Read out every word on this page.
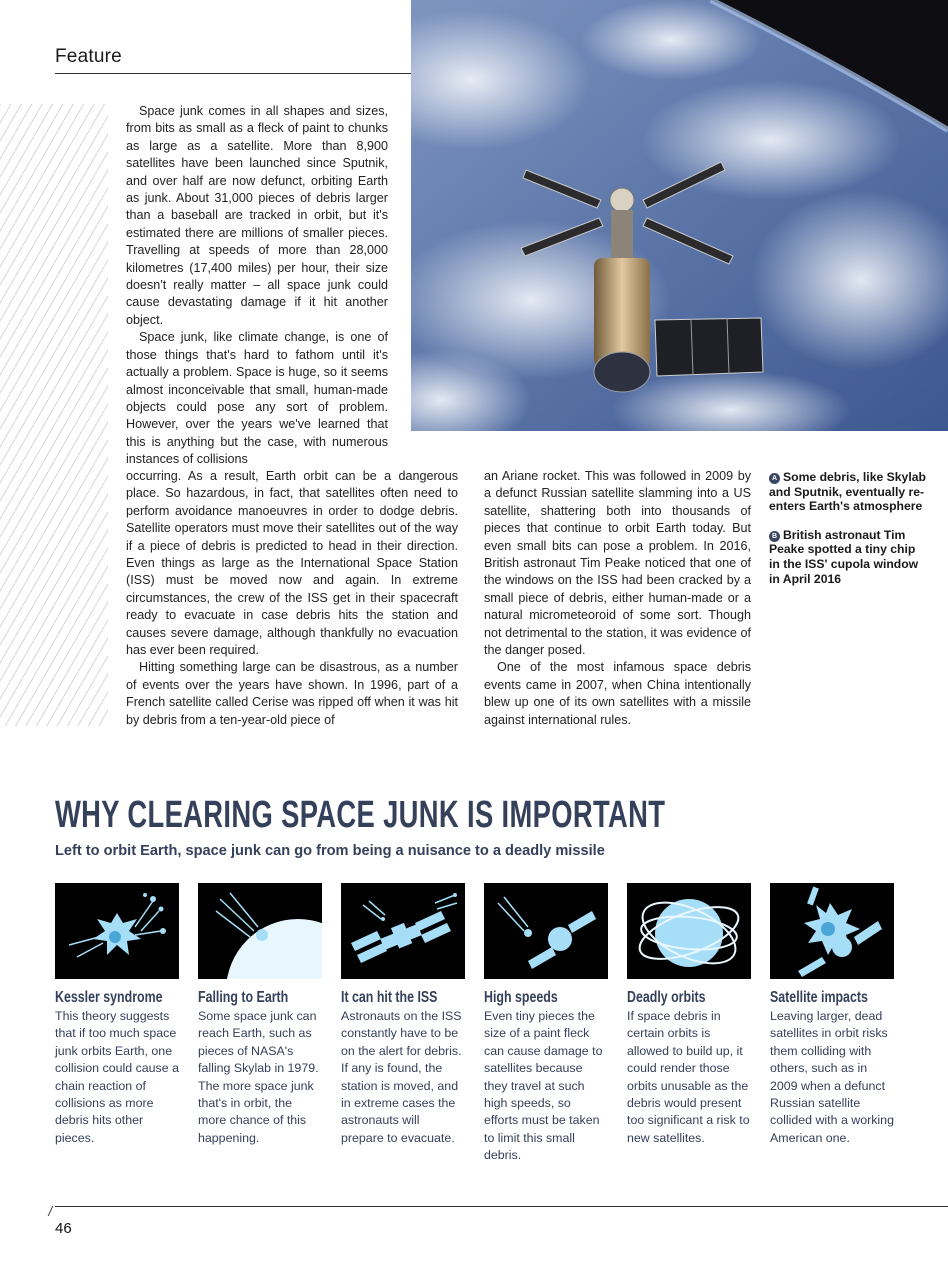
Feature

Space junk comes in all shapes and sizes, from bits as small as a fleck of paint to chunks as large as a satellite. More than 8,900 satellites have been launched since Sputnik, and over half are now defunct, orbiting Earth as junk. About 31,000 pieces of debris larger than a baseball are tracked in orbit, but it's estimated there are millions of smaller pieces. Travelling at speeds of more than 28,000 kilometres (17,400 miles) per hour, their size doesn't really matter – all space junk could cause devastating damage if it hit another object.

Space junk, like climate change, is one of those things that's hard to fathom until it's actually a problem. Space is huge, so it seems almost inconceivable that small, human-made objects could pose any sort of problem. However, over the years we've learned that this is anything but the case, with numerous instances of collisions

occurring. As a result, Earth orbit can be a dangerous place. So hazardous, in fact, that satellites often need to perform avoidance manoeuvres in order to dodge debris. Satellite operators must move their satellites out of the way if a piece of debris is predicted to head in their direction. Even things as large as the International Space Station (ISS) must be moved now and again. In extreme circumstances, the crew of the ISS get in their spacecraft ready to evacuate in case debris hits the station and causes severe damage, although thankfully no evacuation has ever been required.

Hitting something large can be disastrous, as a number of events over the years have shown. In 1996, part of a French satellite called Cerise was ripped off when it was hit by debris from a ten-year-old piece of

an Ariane rocket. This was followed in 2009 by a defunct Russian satellite slamming into a US satellite, shattering both into thousands of pieces that continue to orbit Earth today. But even small bits can pose a problem. In 2016, British astronaut Tim Peake noticed that one of the windows on the ISS had been cracked by a small piece of debris, either human-made or a natural micrometeoroid of some sort. Though not detrimental to the station, it was evidence of the danger posed.

One of the most infamous space debris events came in 2007, when China intentionally blew up one of its own satellites with a missile against international rules.

A Some debris, like Skylab and Sputnik, eventually re-enters Earth's atmosphere

B British astronaut Tim Peake spotted a tiny chip in the ISS' cupola window in April 2016

WHY CLEARING SPACE JUNK IS IMPORTANT
Left to orbit Earth, space junk can go from being a nuisance to a deadly missile
Kessler syndrome
This theory suggests that if too much space junk orbits Earth, one collision could cause a chain reaction of collisions as more debris hits other pieces.
Falling to Earth
Some space junk can reach Earth, such as pieces of NASA's falling Skylab in 1979. The more space junk that's in orbit, the more chance of this happening.
It can hit the ISS
Astronauts on the ISS constantly have to be on the alert for debris. If any is found, the station is moved, and in extreme cases the astronauts will prepare to evacuate.
High speeds
Even tiny pieces the size of a paint fleck can cause damage to satellites because they travel at such high speeds, so efforts must be taken to limit this small debris.
Deadly orbits
If space debris in certain orbits is allowed to build up, it could render those orbits unusable as the debris would present too significant a risk to new satellites.
Satellite impacts
Leaving larger, dead satellites in orbit risks them colliding with others, such as in 2009 when a defunct Russian satellite collided with a working American one.
46
